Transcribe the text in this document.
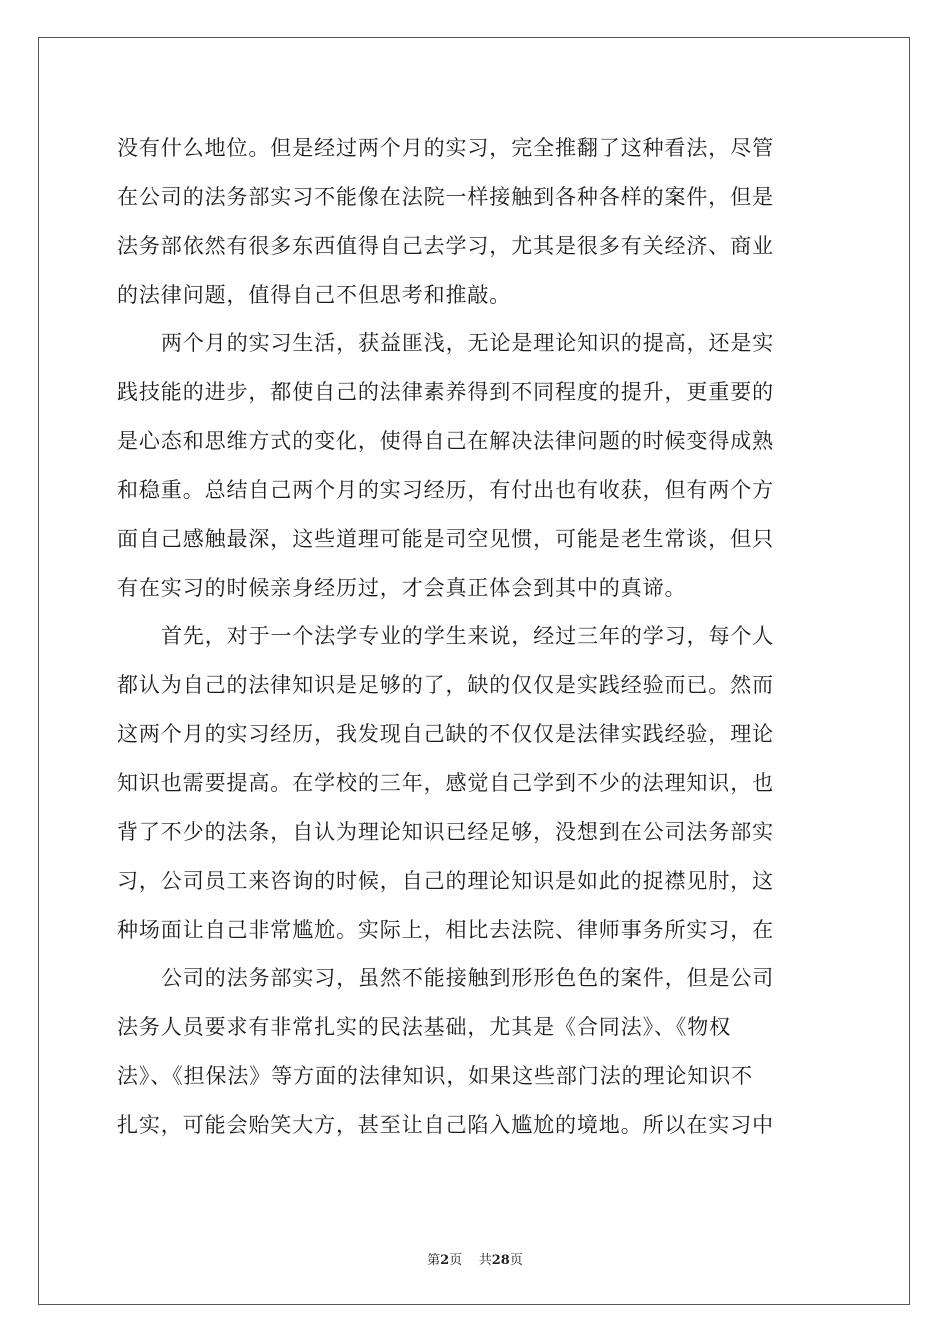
没有什么地位。但是经过两个月的实习，完全推翻了这种看法，尽管
在公司的法务部实习不能像在法院一样接触到各种各样的案件，但是
法务部依然有很多东西值得自己去学习，尤其是很多有关经济、商业
的法律问题，值得自己不但思考和推敲。
两个月的实习生活，获益匪浅，无论是理论知识的提高，还是实
践技能的进步，都使自己的法律素养得到不同程度的提升，更重要的
是心态和思维方式的变化，使得自己在解决法律问题的时候变得成熟
和稳重。总结自己两个月的实习经历，有付出也有收获，但有两个方
面自己感触最深，这些道理可能是司空见惯，可能是老生常谈，但只
有在实习的时候亲身经历过，才会真正体会到其中的真谛。
首先，对于一个法学专业的学生来说，经过三年的学习，每个人
都认为自己的法律知识是足够的了，缺的仅仅是实践经验而已。然而
这两个月的实习经历，我发现自己缺的不仅仅是法律实践经验，理论
知识也需要提高。在学校的三年，感觉自己学到不少的法理知识，也
背了不少的法条，自认为理论知识已经足够，没想到在公司法务部实
习，公司员工来咨询的时候，自己的理论知识是如此的捉襟见肘，这
种场面让自己非常尴尬。实际上，相比去法院、律师事务所实习，在
公司的法务部实习，虽然不能接触到形形色色的案件，但是公司
法务人员要求有非常扎实的民法基础，尤其是《合同法》、《物权
法》、《担保法》等方面的法律知识，如果这些部门法的理论知识不
扎实，可能会贻笑大方，甚至让自己陷入尴尬的境地。所以在实习中
第2页 共28页
